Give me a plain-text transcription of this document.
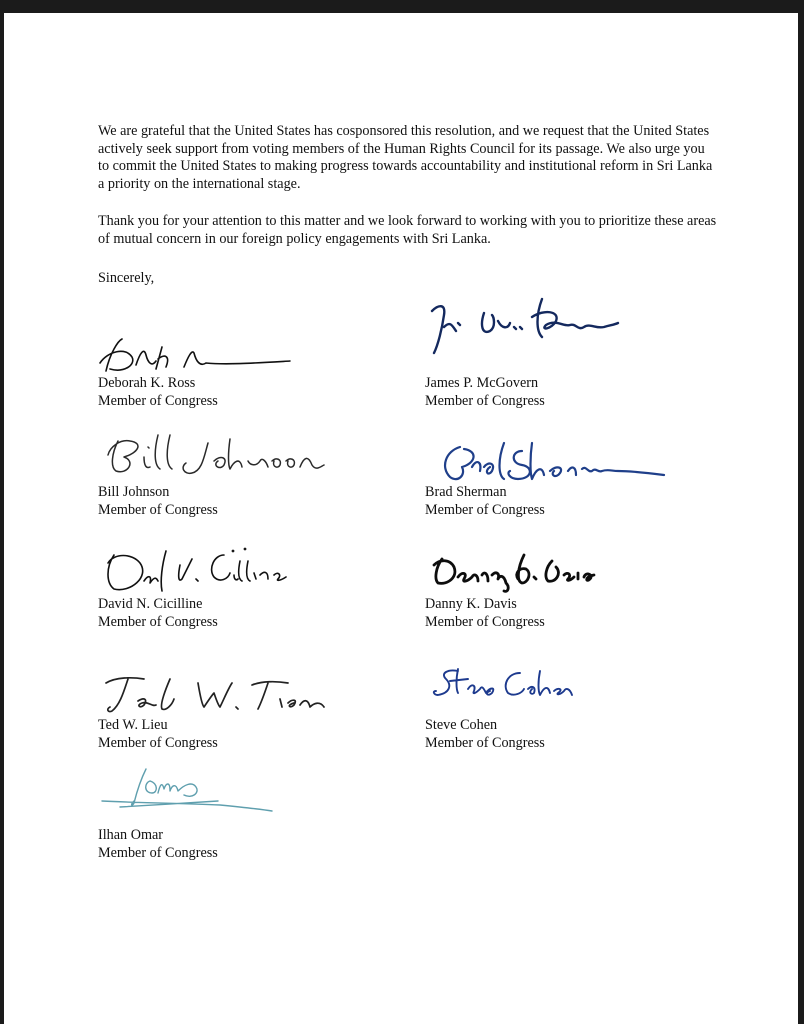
We are grateful that the United States has cosponsored this resolution, and we request that the United States actively seek support from voting members of the Human Rights Council for its passage. We also urge you to commit the United States to making progress towards accountability and institutional reform in Sri Lanka a priority on the international stage.

Thank you for your attention to this matter and we look forward to working with you to prioritize these areas of mutual concern in our foreign policy engagements with Sri Lanka.

Sincerely,

Deborah K. Ross
Member of Congress
James P. McGovern
Member of Congress
Bill Johnson
Member of Congress
Brad Sherman
Member of Congress
David N. Cicilline
Member of Congress
Danny K. Davis
Member of Congress
Ted W. Lieu
Member of Congress
Steve Cohen
Member of Congress
Ilhan Omar
Member of Congress
